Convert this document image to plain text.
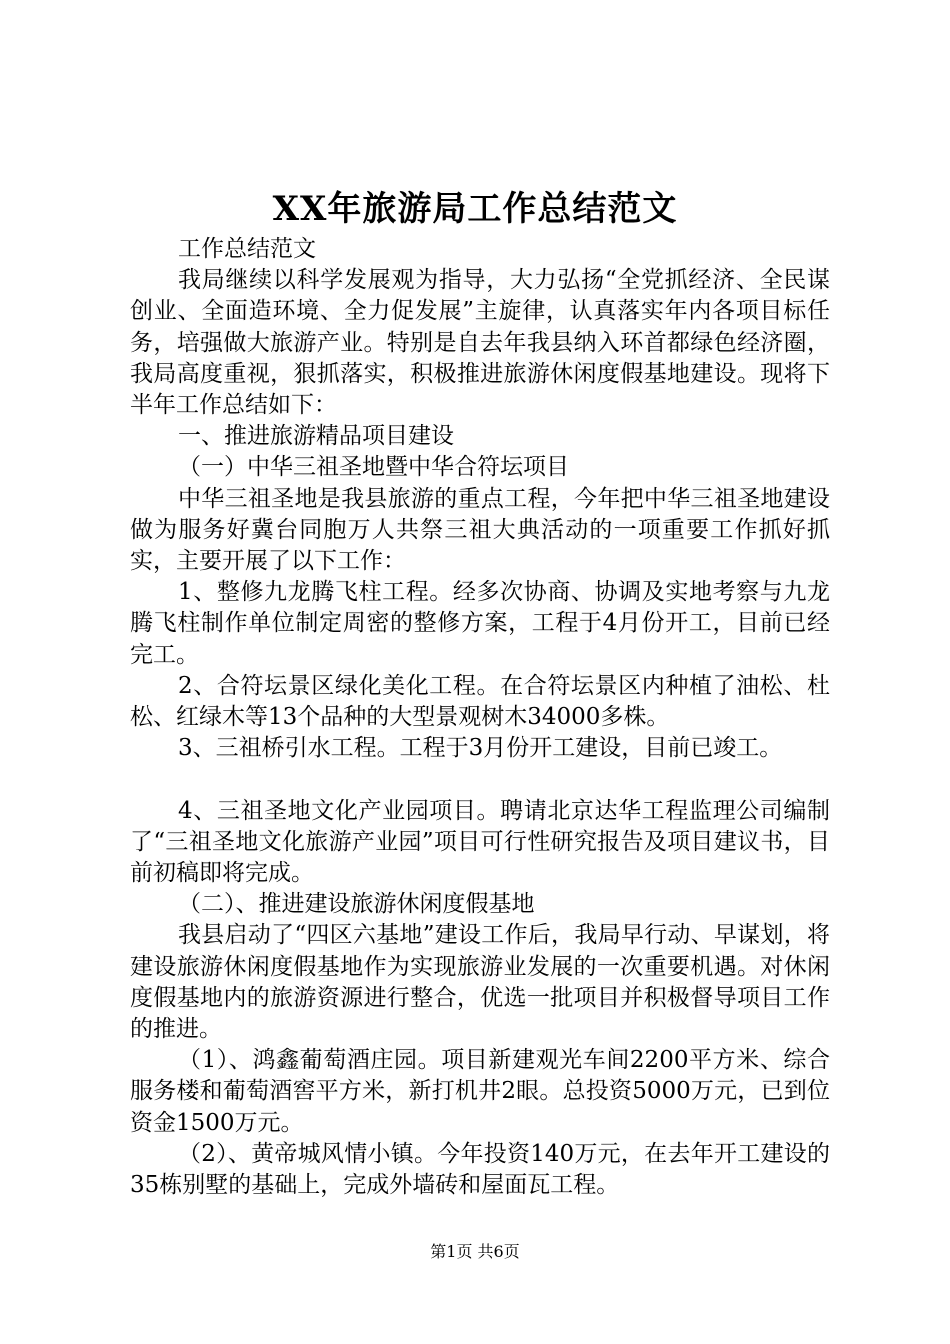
XX年旅游局工作总结范文

工作总结范文

我局继续以科学发展观为指导，大力弘扬“全党抓经济、全民谋创业、全面造环境、全力促发展”主旋律，认真落实年内各项目标任务，培强做大旅游产业。特别是自去年我县纳入环首都绿色经济圈，我局高度重视，狠抓落实，积极推进旅游休闲度假基地建设。现将下半年工作总结如下：

一、推进旅游精品项目建设

（一）中华三祖圣地暨中华合符坛项目

中华三祖圣地是我县旅游的重点工程，今年把中华三祖圣地建设做为服务好冀台同胞万人共祭三祖大典活动的一项重要工作抓好抓实，主要开展了以下工作：

1、整修九龙腾飞柱工程。经多次协商、协调及实地考察与九龙腾飞柱制作单位制定周密的整修方案，工程于4月份开工，目前已经完工。

2、合符坛景区绿化美化工程。在合符坛景区内种植了油松、杜松、红绿木等13个品种的大型景观树木34000多株。

3、三祖桥引水工程。工程于3月份开工建设，目前已竣工。

4、三祖圣地文化产业园项目。聘请北京达华工程监理公司编制了“三祖圣地文化旅游产业园”项目可行性研究报告及项目建议书，目前初稿即将完成。

（二）、推进建设旅游休闲度假基地

我县启动了“四区六基地”建设工作后，我局早行动、早谋划，将建设旅游休闲度假基地作为实现旅游业发展的一次重要机遇。对休闲度假基地内的旅游资源进行整合，优选一批项目并积极督导项目工作的推进。

（1）、鸿鑫葡萄酒庄园。项目新建观光车间2200平方米、综合服务楼和葡萄酒窖平方米，新打机井2眼。总投资5000万元，已到位资金1500万元。

（2）、黄帝城风情小镇。今年投资140万元，在去年开工建设的35栋别墅的基础上，完成外墙砖和屋面瓦工程。

第1页 共6页
